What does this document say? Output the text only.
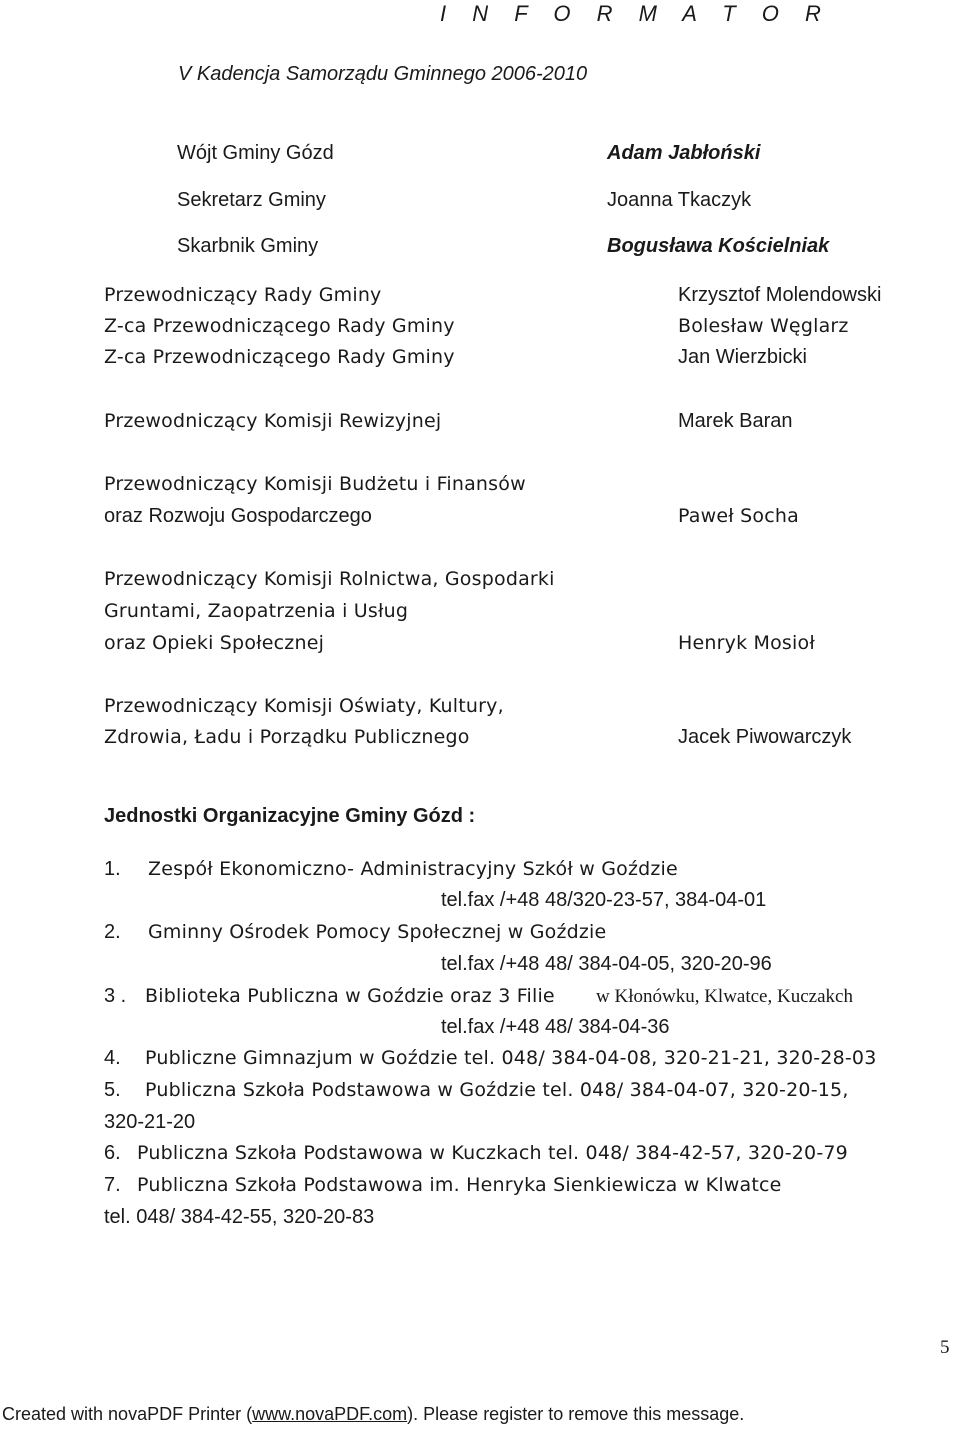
I N F O R M A T O R
V Kadencja Samorządu Gminnego 2006-2010
Wójt Gminy Gózd	Adam Jabłoński
Sekretarz Gminy	Joanna Tkaczyk
Skarbnik Gminy	Bogusława Kościelniak
Przewodniczący Rady Gminy	Krzysztof Molendowski
Z-ca Przewodniczącego Rady Gminy	Bolesław Węglarz
Z-ca Przewodniczącego Rady Gminy	Jan Wierzbicki
Przewodniczący Komisji Rewizyjnej	Marek Baran
Przewodniczący Komisji Budżetu i Finansów
oraz Rozwoju Gospodarczego	Paweł Socha
Przewodniczący Komisji Rolnictwa, Gospodarki
Gruntami, Zaopatrzenia i Usług
oraz Opieki Społecznej	Henryk Mosioł
Przewodniczący Komisji Oświaty, Kultury,
Zdrowia, Ładu i Porządku Publicznego	Jacek Piwowarczyk
Jednostki Organizacyjne Gminy Gózd :
1. Zespół Ekonomiczno- Administracyjny Szkół w Goździe
tel.fax /+48 48/320-23-57, 384-04-01
2. Gminny Ośrodek Pomocy Społecznej w Goździe
tel.fax /+48 48/ 384-04-05, 320-20-96
3 . Biblioteka Publiczna w Goździe oraz 3 Filie w Kłonówku, Klwatce, Kuczakch
tel.fax /+48 48/ 384-04-36
4. Publiczne Gimnazjum w Goździe tel. 048/ 384-04-08, 320-21-21, 320-28-03
5. Publiczna Szkoła Podstawowa w Goździe tel. 048/ 384-04-07, 320-20-15,
320-21-20
6. Publiczna Szkoła Podstawowa w Kuczkach tel. 048/ 384-42-57, 320-20-79
7. Publiczna Szkoła Podstawowa im. Henryka Sienkiewicza w Klwatce
tel. 048/ 384-42-55, 320-20-83
5
Created with novaPDF Printer (www.novaPDF.com). Please register to remove this message.
